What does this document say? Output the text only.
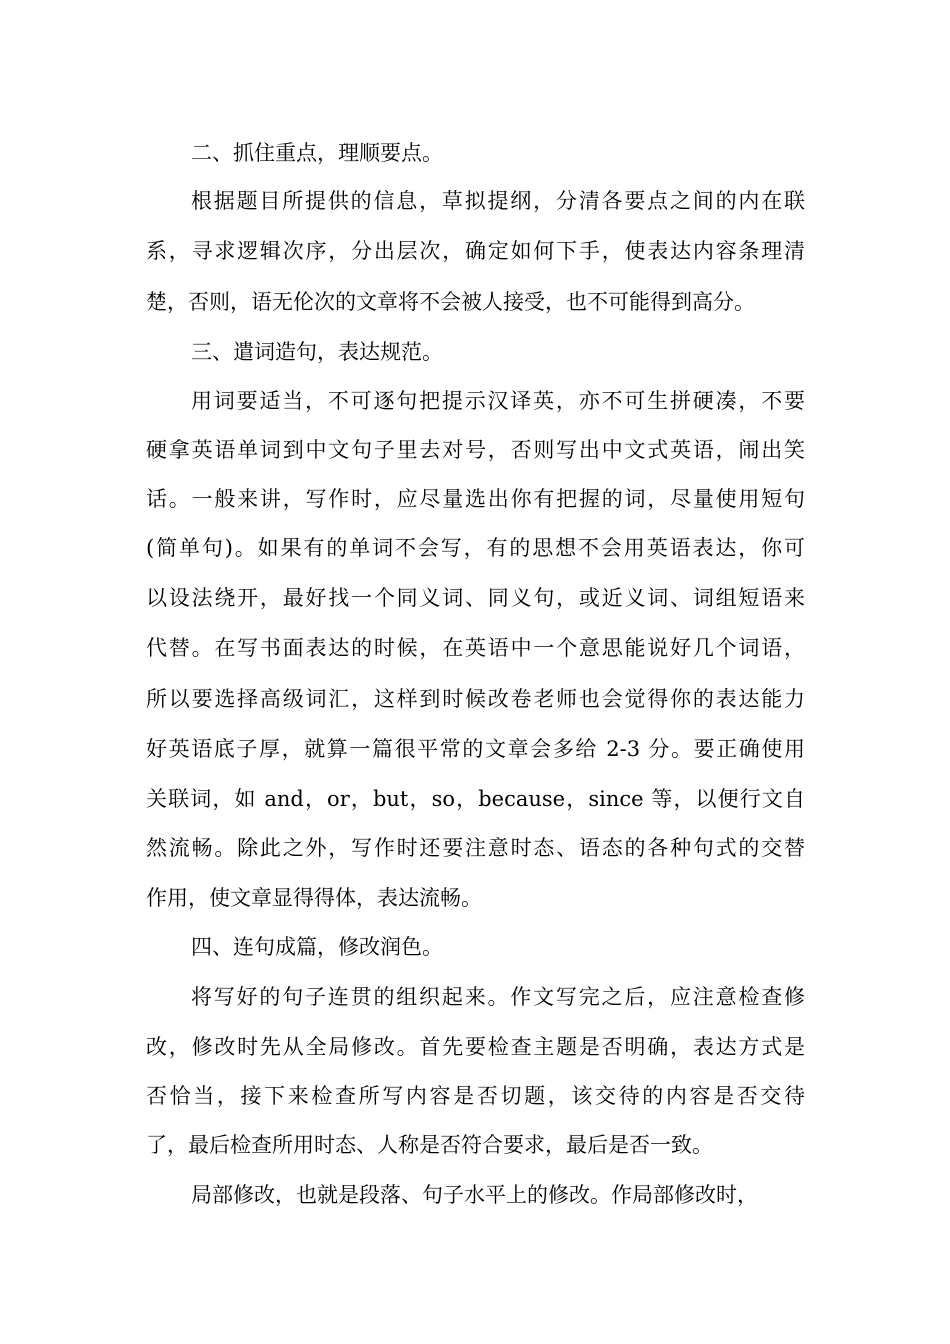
二、抓住重点，理顺要点。
根据题目所提供的信息，草拟提纲，分清各要点之间的内在联
系，寻求逻辑次序，分出层次，确定如何下手，使表达内容条理清
楚，否则，语无伦次的文章将不会被人接受，也不可能得到高分。
三、遣词造句，表达规范。
用词要适当，不可逐句把提示汉译英，亦不可生拼硬凑，不要
硬拿英语单词到中文句子里去对号，否则写出中文式英语，闹出笑
话。一般来讲，写作时，应尽量选出你有把握的词，尽量使用短句
(简单句)。如果有的单词不会写，有的思想不会用英语表达，你可
以设法绕开，最好找一个同义词、同义句，或近义词、词组短语来
代替。在写书面表达的时候，在英语中一个意思能说好几个词语，
所以要选择高级词汇，这样到时候改卷老师也会觉得你的表达能力
好英语底子厚，就算一篇很平常的文章会多给 2-3 分。要正确使用
关联词，如 and，or，but，so，because，since 等，以便行文自
然流畅。除此之外，写作时还要注意时态、语态的各种句式的交替
作用，使文章显得得体，表达流畅。
四、连句成篇，修改润色。
将写好的句子连贯的组织起来。作文写完之后，应注意检查修
改，修改时先从全局修改。首先要检查主题是否明确，表达方式是
否恰当，接下来检查所写内容是否切题，该交待的内容是否交待
了，最后检查所用时态、人称是否符合要求，最后是否一致。
局部修改，也就是段落、句子水平上的修改。作局部修改时，
